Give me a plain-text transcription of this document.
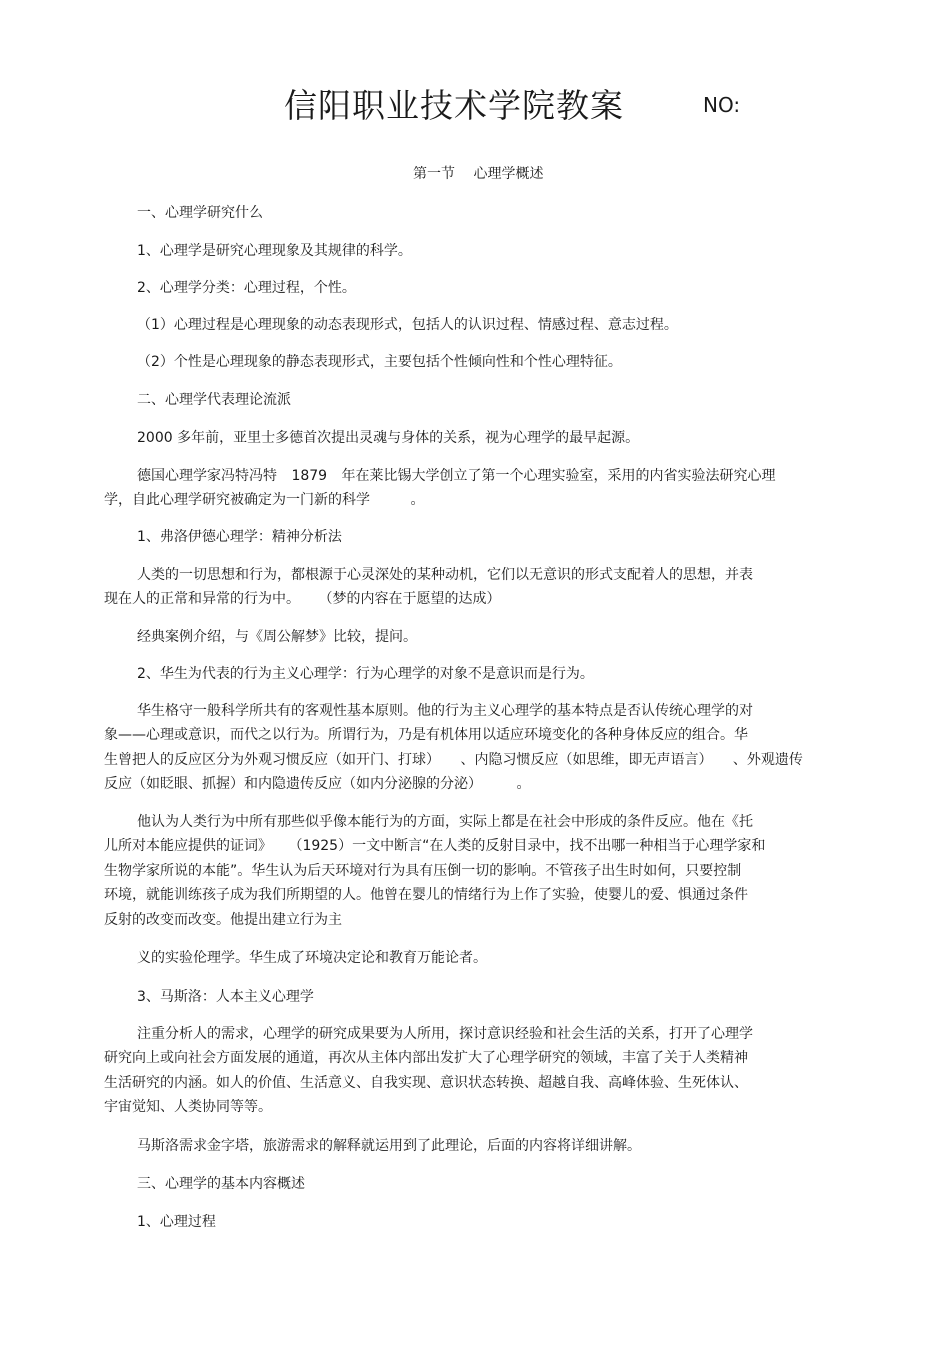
信阳职业技术学院教案	NO:
第一节 心理学概述
一、心理学研究什么
1、心理学是研究心理现象及其规律的科学。
2、心理学分类：心理过程，个性。
（1）心理过程是心理现象的动态表现形式，包括人的认识过程、情感过程、意志过程。
（2）个性是心理现象的静态表现形式，主要包括个性倾向性和个性心理特征。
二、心理学代表理论流派
2000 多年前，亚里士多德首次提出灵魂与身体的关系，视为心理学的最早起源。
德国心理学家冯特冯特 1879 年在莱比锡大学创立了第一个心理实验室，采用的内省实验法研究心理
学，自此心理学研究被确定为一门新的科学 。
1、弗洛伊德心理学：精神分析法
人类的一切思想和行为，都根源于心灵深处的某种动机，它们以无意识的形式支配着人的思想，并表
现在人的正常和异常的行为中。 （梦的内容在于愿望的达成）
经典案例介绍，与《周公解梦》比较，提问。
2、华生为代表的行为主义心理学：行为心理学的对象不是意识而是行为。
华生格守一般科学所共有的客观性基本原则。他的行为主义心理学的基本特点是否认传统心理学的对
象——心理或意识，而代之以行为。所谓行为，乃是有机体用以适应环境变化的各种身体反应的组合。华
生曾把人的反应区分为外观习惯反应（如开门、打球） 、内隐习惯反应（如思维，即无声语言） 、外观遗传
反应（如眨眼、抓握）和内隐遗传反应（如内分泌腺的分泌） 。
他认为人类行为中所有那些似乎像本能行为的方面，实际上都是在社会中形成的条件反应。他在《托
儿所对本能应提供的证词》 （1925）一文中断言“在人类的反射目录中，找不出哪一种相当于心理学家和
生物学家所说的本能”。华生认为后天环境对行为具有压倒一切的影响。不管孩子出生时如何，只要控制
环境，就能训练孩子成为我们所期望的人。他曾在婴儿的情绪行为上作了实验，使婴儿的爱、惧通过条件
反射的改变而改变。他提出建立行为主
义的实验伦理学。华生成了环境决定论和教育万能论者。
3、马斯洛：人本主义心理学
注重分析人的需求，心理学的研究成果要为人所用，探讨意识经验和社会生活的关系，打开了心理学
研究向上或向社会方面发展的通道，再次从主体内部出发扩大了心理学研究的领域，丰富了关于人类精神
生活研究的内涵。如人的价值、生活意义、自我实现、意识状态转换、超越自我、高峰体验、生死体认、
宇宙觉知、人类协同等等。
马斯洛需求金字塔，旅游需求的解释就运用到了此理论，后面的内容将详细讲解。
三、心理学的基本内容概述
1、心理过程
